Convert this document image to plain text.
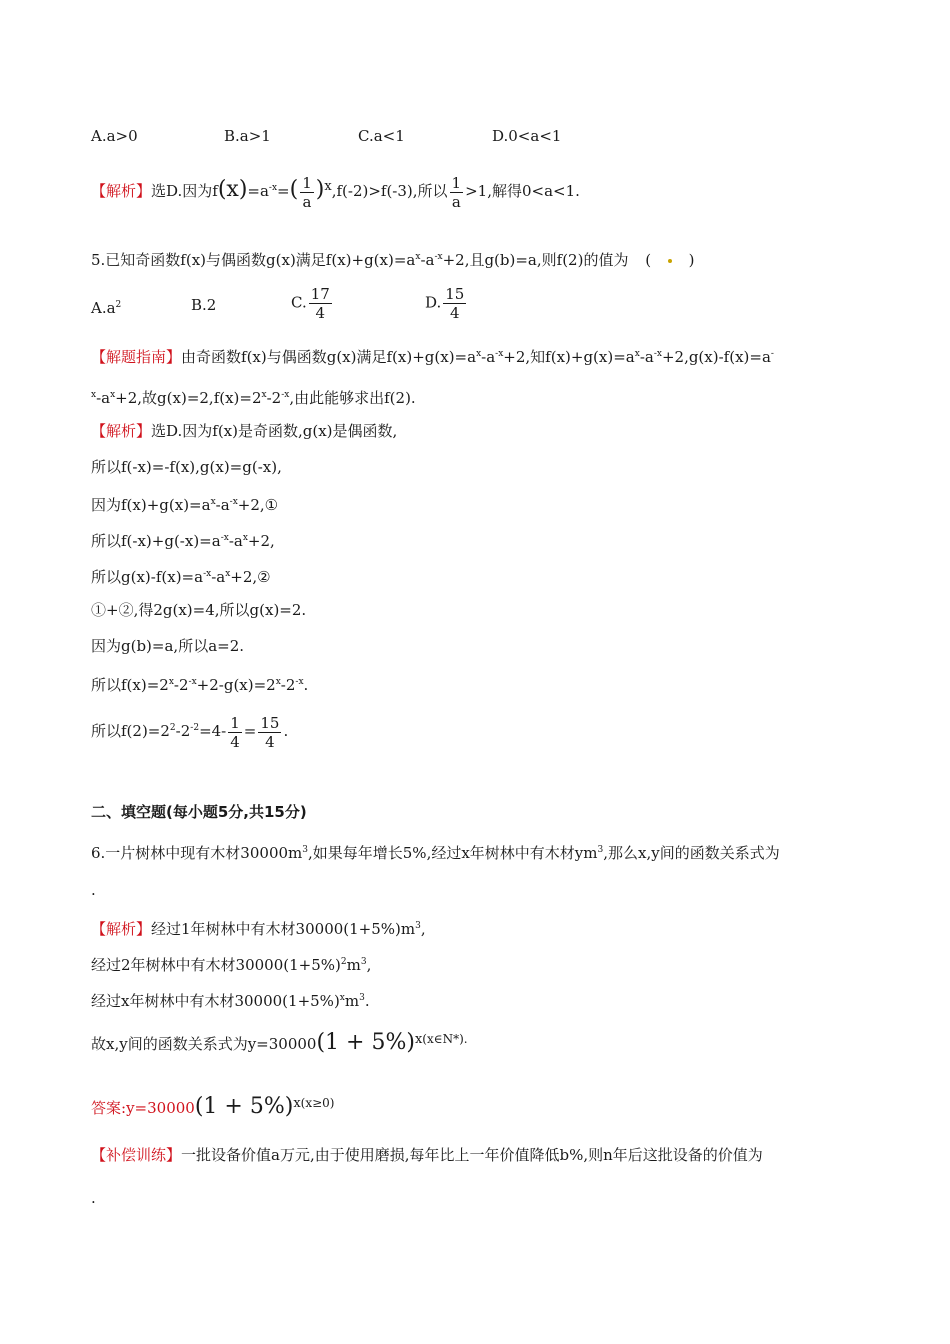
A.a>0	B.a>1	C.a<1	D.0<a<1
【解析】选D.因为$f(x)=a^{-x}=( \frac{1}{a} )x,f(-2)>f(-3)$,所以 $\frac{1}{a} >1$,解得0<a<1.
5.已知奇函数f(x)与偶函数g(x)满足$f(x)+g(x)=a^x-a^{-x}+2$,且g(b)=a,则f(2)的值为 (	)
$A.a^2$	B.2	C. $\frac{17}{4}$	D. $\frac{15}{4}$
【解题指南】由奇函数f(x)与偶函数g(x)满足$f(x)+g(x)=a^x-a^{-x}+2$,知$f(x)+g(x)=a^x-a^{-x}+2,g(x)-f(x)=a^-$
$^x-a^x+2$,故$g(x)=2,f(x)=2^x-2^{-x}$,由此能够求出f(2).
【解析】选D.因为f(x)是奇函数,g(x)是偶函数,
所以f(-x)=-f(x),g(x)=g(-x),
因为$f(x)+g(x)=a^x-a^{-x}+2,①$
所以$f(-x)+g(-x)=a^{-x}-a^x+2$,
所以$g(x)-f(x)=a^{-x}-a^x+2,②$
①+②,得2g(x)=4,所以g(x)=2.
因为g(b)=a,所以a=2.
所以$f(x)=2^x-2^{-x}+2-g(x)=2^x-2^{-x}$.
所以$f(2)=2^2-2^{-2}=4- \frac{1}{4} = \frac{15}{4}$ .
二、填空题(每小题5分,共15分)
6.一片树林中现有木材$30000m^3$,如果每年增长5%,经过x年树林中有木材$ym^3$,那么x,y间的函数关系式为
.
【解析】经过1年树林中有木材$30000(1+5\%)m^3$,
经过2年树林中有木材$30000(1+5\%)^2m^3$,
经过x年树林中有木材$30000(1+5\%)^xm^3$.
故x,y间的函数关系式为$y=30000(1 + 5\%)x^{(x\in N*).}$
答案:y=30000(1 + $5\%)x^{(x\ge 0)}$
【补偿训练】一批设备价值a万元,由于使用磨损,每年比上一年价值降低b%,则n年后这批设备的价值为
.
